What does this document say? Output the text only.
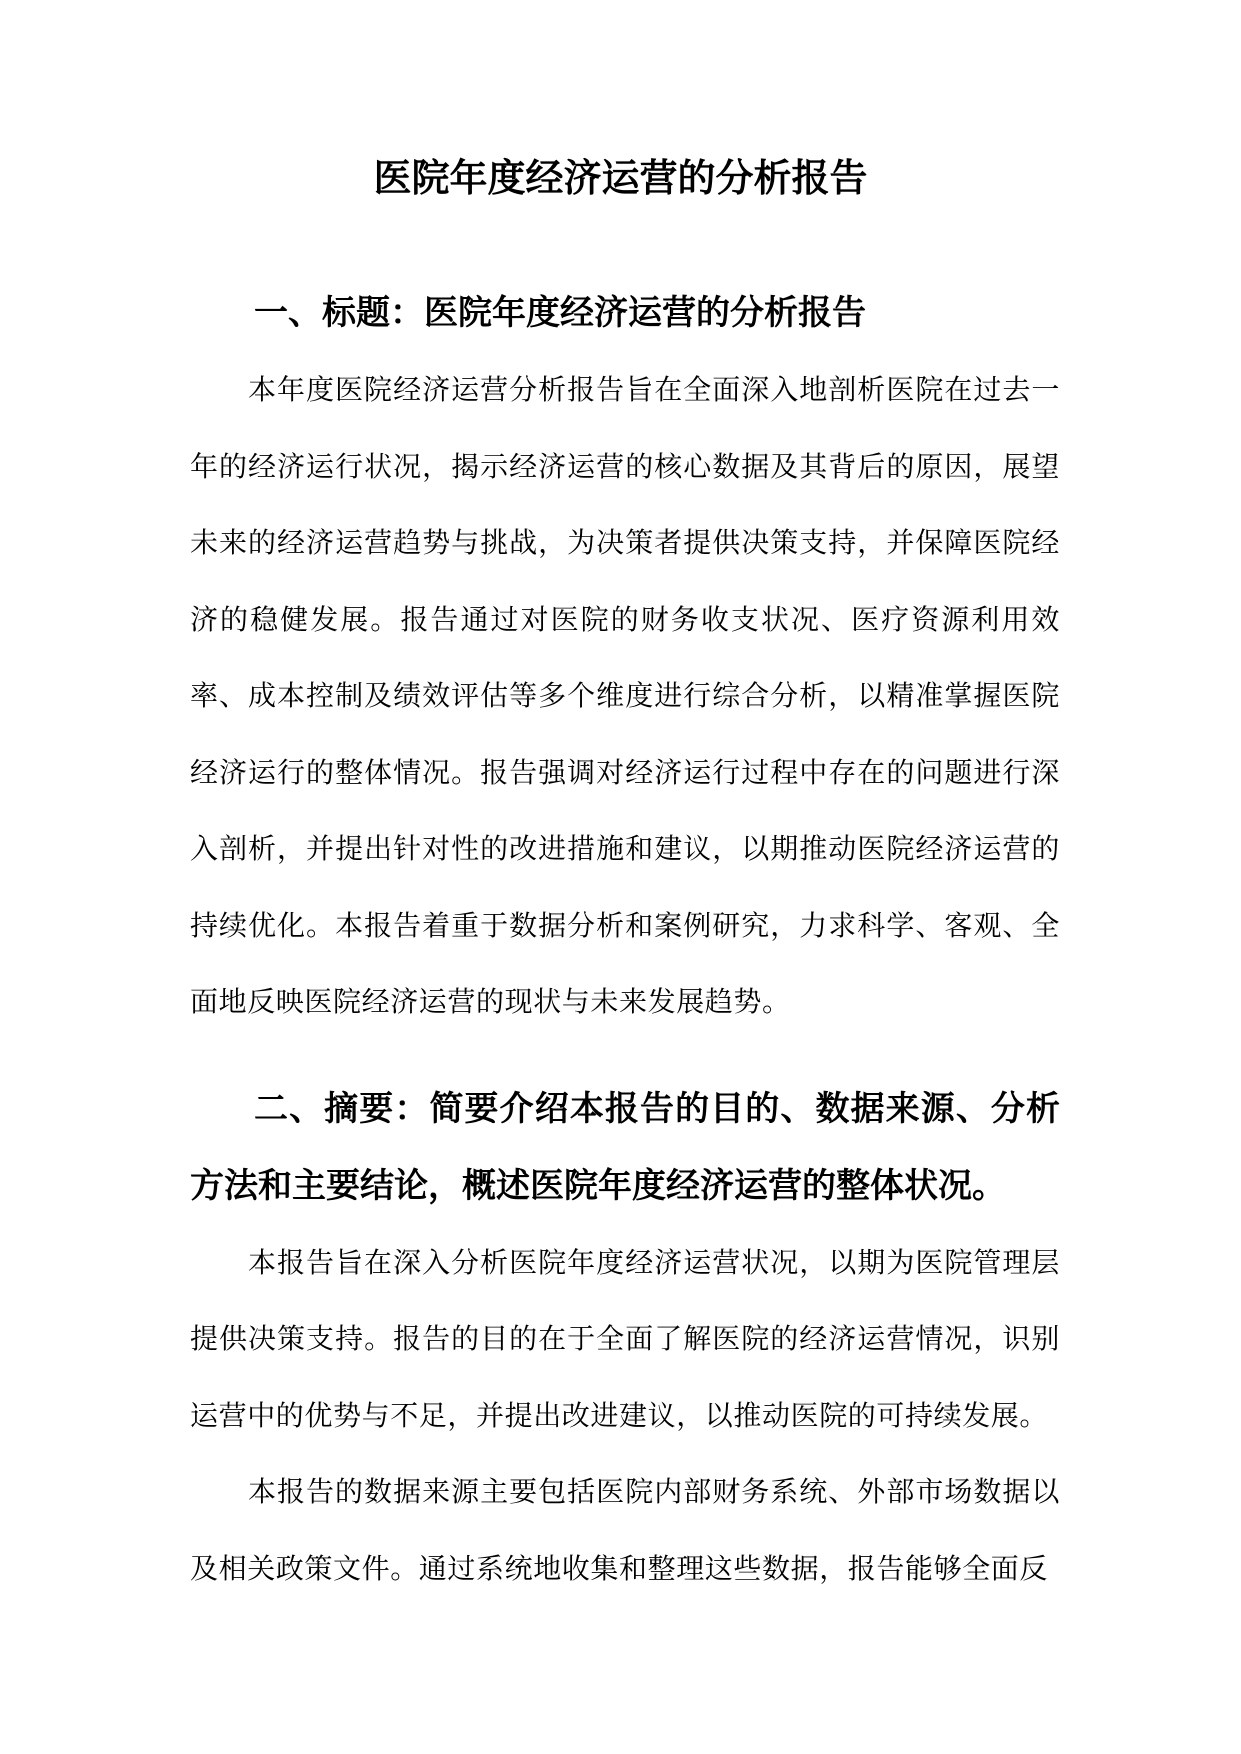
医院年度经济运营的分析报告
一、标题：医院年度经济运营的分析报告

本年度医院经济运营分析报告旨在全面深入地剖析医院在过去一年的经济运行状况，揭示经济运营的核心数据及其背后的原因，展望未来的经济运营趋势与挑战，为决策者提供决策支持，并保障医院经济的稳健发展。报告通过对医院的财务收支状况、医疗资源利用效率、成本控制及绩效评估等多个维度进行综合分析，以精准掌握医院经济运行的整体情况。报告强调对经济运行过程中存在的问题进行深入剖析，并提出针对性的改进措施和建议，以期推动医院经济运营的持续优化。本报告着重于数据分析和案例研究，力求科学、客观、全面地反映医院经济运营的现状与未来发展趋势。

二、摘要：简要介绍本报告的目的、数据来源、分析方法和主要结论，概述医院年度经济运营的整体状况。

本报告旨在深入分析医院年度经济运营状况，以期为医院管理层提供决策支持。报告的目的在于全面了解医院的经济运营情况，识别运营中的优势与不足，并提出改进建议，以推动医院的可持续发展。

本报告的数据来源主要包括医院内部财务系统、外部市场数据以及相关政策文件。通过系统地收集和整理这些数据，报告能够全面反
